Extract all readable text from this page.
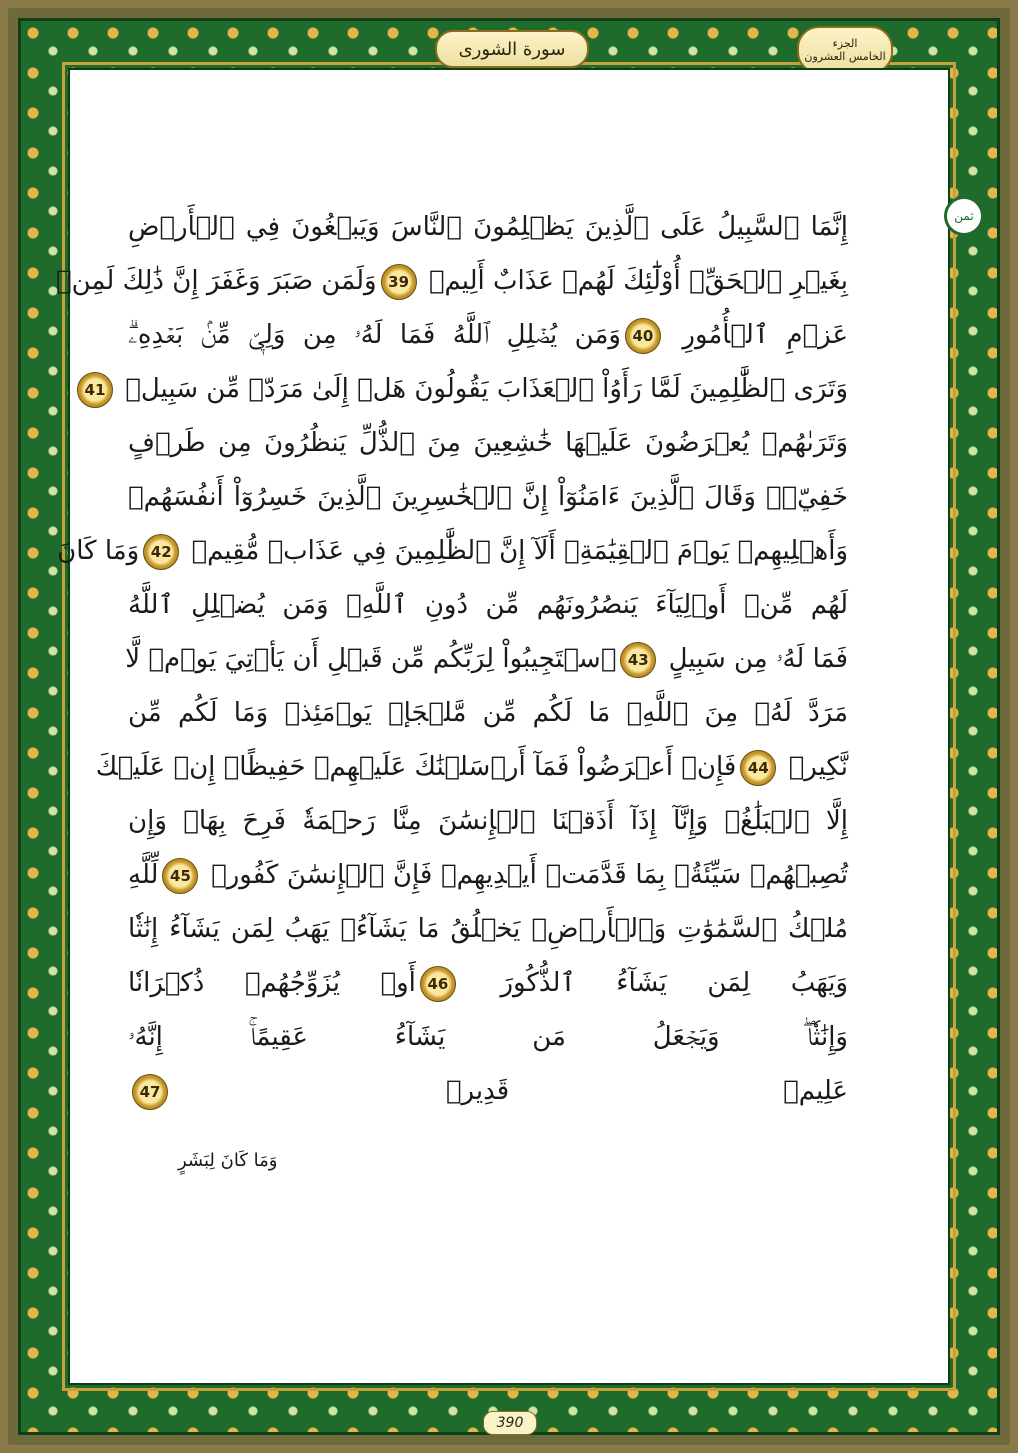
سورة الشورى	الجزء
الخامس العشرون
ثمن
إِنَّمَا ٱلسَّبِيلُ عَلَى ٱلَّذِينَ يَظۡلِمُونَ ٱلنَّاسَ وَيَبۡغُونَ فِي ٱلۡأَرۡضِ
بِغَيۡرِ ٱلۡحَقِّۚ أُوْلَٰٓئِكَ لَهُمۡ عَذَابٌ أَلِيمٞ 39وَلَمَن صَبَرَ وَغَفَرَ إِنَّ ذَٰلِكَ لَمِنۡ
عَزۡمِ ٱلۡأُمُورِ 40وَمَن يُضۡلِلِ ٱللَّهُ فَمَا لَهُۥ مِن وَلِيّٖ مِّنۢ بَعۡدِهِۦۗ
وَتَرَى ٱلظَّٰلِمِينَ لَمَّا رَأَوُاْ ٱلۡعَذَابَ يَقُولُونَ هَلۡ إِلَىٰ مَرَدّٖ مِّن سَبِيلٖ 41
وَتَرَىٰهُمۡ يُعۡرَضُونَ عَلَيۡهَا خَٰشِعِينَ مِنَ ٱلذُّلِّ يَنظُرُونَ مِن طَرۡفٍ
خَفِيّٖۗ وَقَالَ ٱلَّذِينَ ءَامَنُوٓاْ إِنَّ ٱلۡخَٰسِرِينَ ٱلَّذِينَ خَسِرُوٓاْ أَنفُسَهُمۡ
وَأَهۡلِيهِمۡ يَوۡمَ ٱلۡقِيَٰمَةِۗ أَلَآ إِنَّ ٱلظَّٰلِمِينَ فِي عَذَابٖ مُّقِيمٖ 42وَمَا كَانَ
لَهُم مِّنۡ أَوۡلِيَآءَ يَنصُرُونَهُم مِّن دُونِ ٱللَّهِۗ وَمَن يُضۡلِلِ ٱللَّهُ
فَمَا لَهُۥ مِن سَبِيلٍ 43ٱسۡتَجِيبُواْ لِرَبِّكُم مِّن قَبۡلِ أَن يَأۡتِيَ يَوۡمٞ لَّا
مَرَدَّ لَهُۥ مِنَ ٱللَّهِۚ مَا لَكُم مِّن مَّلۡجَإٖ يَوۡمَئِذٖ وَمَا لَكُم مِّن
نَّكِيرٖ 44فَإِنۡ أَعۡرَضُواْ فَمَآ أَرۡسَلۡنَٰكَ عَلَيۡهِمۡ حَفِيظًاۖ إِنۡ عَلَيۡكَ
إِلَّا ٱلۡبَلَٰغُۗ وَإِنَّآ إِذَآ أَذَقۡنَا ٱلۡإِنسَٰنَ مِنَّا رَحۡمَةٗ فَرِحَ بِهَاۖ وَإِن
تُصِبۡهُمۡ سَيِّئَةُۢ بِمَا قَدَّمَتۡ أَيۡدِيهِمۡ فَإِنَّ ٱلۡإِنسَٰنَ كَفُورٞ 45لِّلَّهِ
مُلۡكُ ٱلسَّمَٰوَٰتِ وَٱلۡأَرۡضِۚ يَخۡلُقُ مَا يَشَآءُۚ يَهَبُ لِمَن يَشَآءُ إِنَٰثٗا
وَيَهَبُ لِمَن يَشَآءُ ٱلذُّكُورَ 46أَوۡ يُزَوِّجُهُمۡ ذُكۡرَانٗا
وَإِنَٰثٗاۖ وَيَجۡعَلُ مَن يَشَآءُ عَقِيمًاۚ إِنَّهُۥ
عَلِيمٞ قَدِيرٞ 47
وَمَا كَانَ لِبَشَرٍ
390
